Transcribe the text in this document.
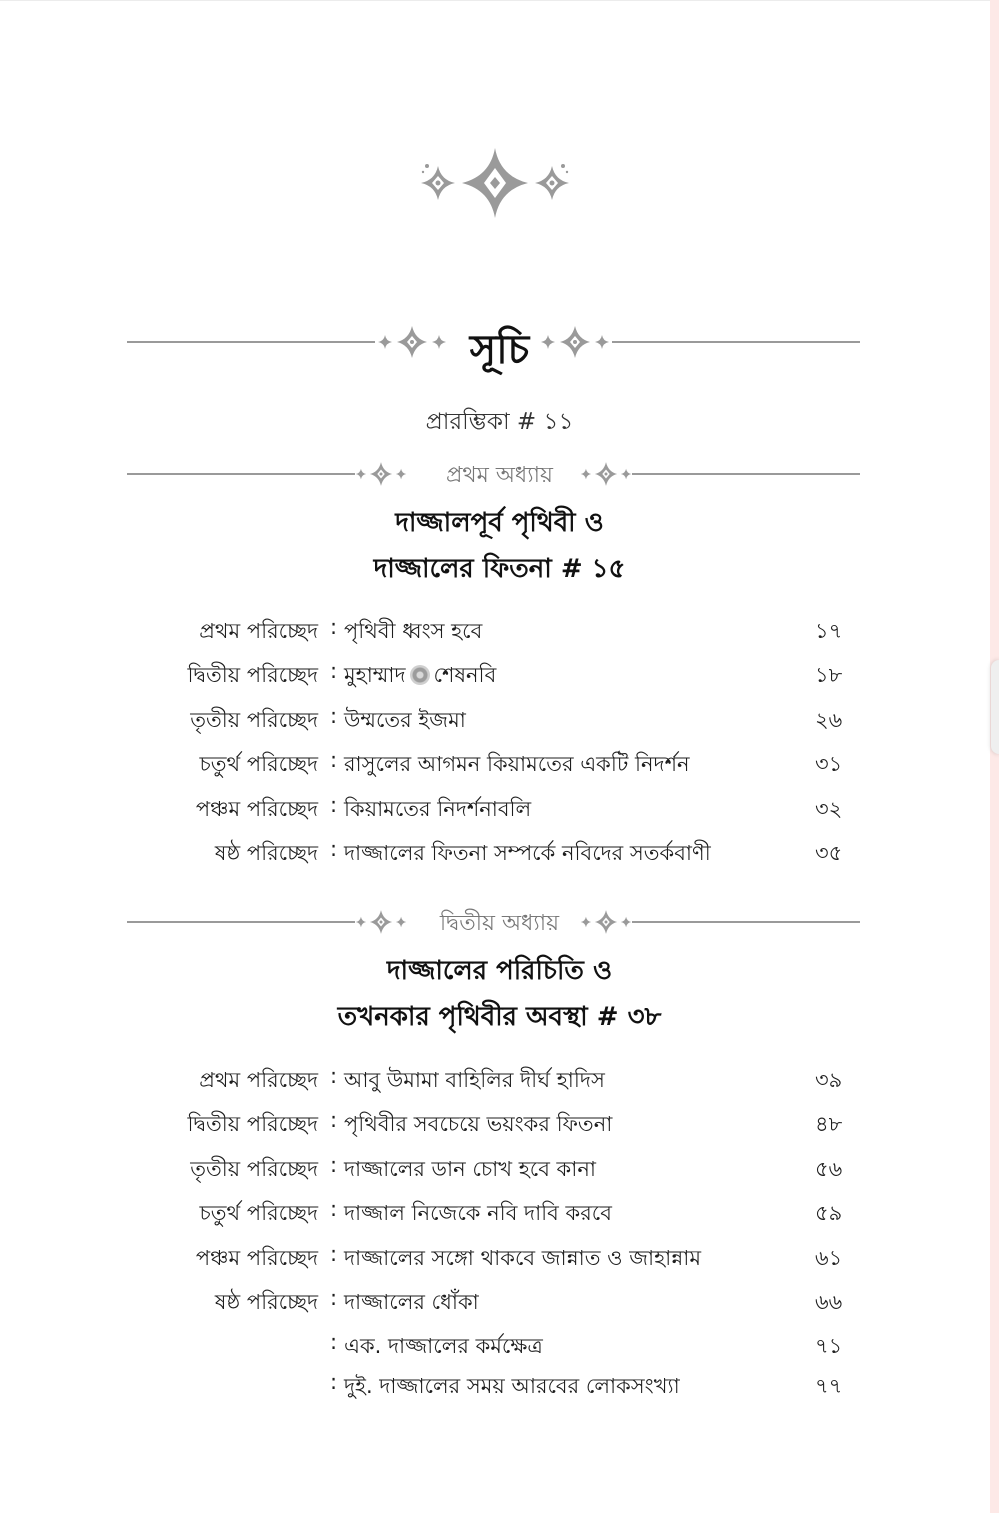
সূচি
প্রারম্ভিকা # ১১
প্রথম অধ্যায়
দাজ্জালপূর্ব পৃথিবী ও
দাজ্জালের ফিতনা # ১৫
প্রথম পরিচ্ছেদ : পৃথিবী ধ্বংস হবে	১৭
দ্বিতীয় পরিচ্ছেদ : মুহাম্মাদ শেষনবি	১৮
তৃতীয় পরিচ্ছেদ : উম্মতের ইজমা	২৬
চতুর্থ পরিচ্ছেদ : রাসুলের আগমন কিয়ামতের একটি নিদর্শন	৩১
পঞ্চম পরিচ্ছেদ : কিয়ামতের নিদর্শনাবলি	৩২
ষষ্ঠ পরিচ্ছেদ : দাজ্জালের ফিতনা সম্পর্কে নবিদের সতর্কবাণী	৩৫
দ্বিতীয় অধ্যায়
দাজ্জালের পরিচিতি ও
তখনকার পৃথিবীর অবস্থা # ৩৮
প্রথম পরিচ্ছেদ : আবু উমামা বাহিলির দীর্ঘ হাদিস	৩৯
দ্বিতীয় পরিচ্ছেদ : পৃথিবীর সবচেয়ে ভয়ংকর ফিতনা	৪৮
তৃতীয় পরিচ্ছেদ : দাজ্জালের ডান চোখ হবে কানা	৫৬
চতুর্থ পরিচ্ছেদ : দাজ্জাল নিজেকে নবি দাবি করবে	৫৯
পঞ্চম পরিচ্ছেদ : দাজ্জালের সঙ্গো থাকবে জান্নাত ও জাহান্নাম	৬১
ষষ্ঠ পরিচ্ছেদ : দাজ্জালের ধোঁকা	৬৬
: এক. দাজ্জালের কর্মক্ষেত্র	৭১
: দুই. দাজ্জালের সময় আরবের লোকসংখ্যা	৭৭
